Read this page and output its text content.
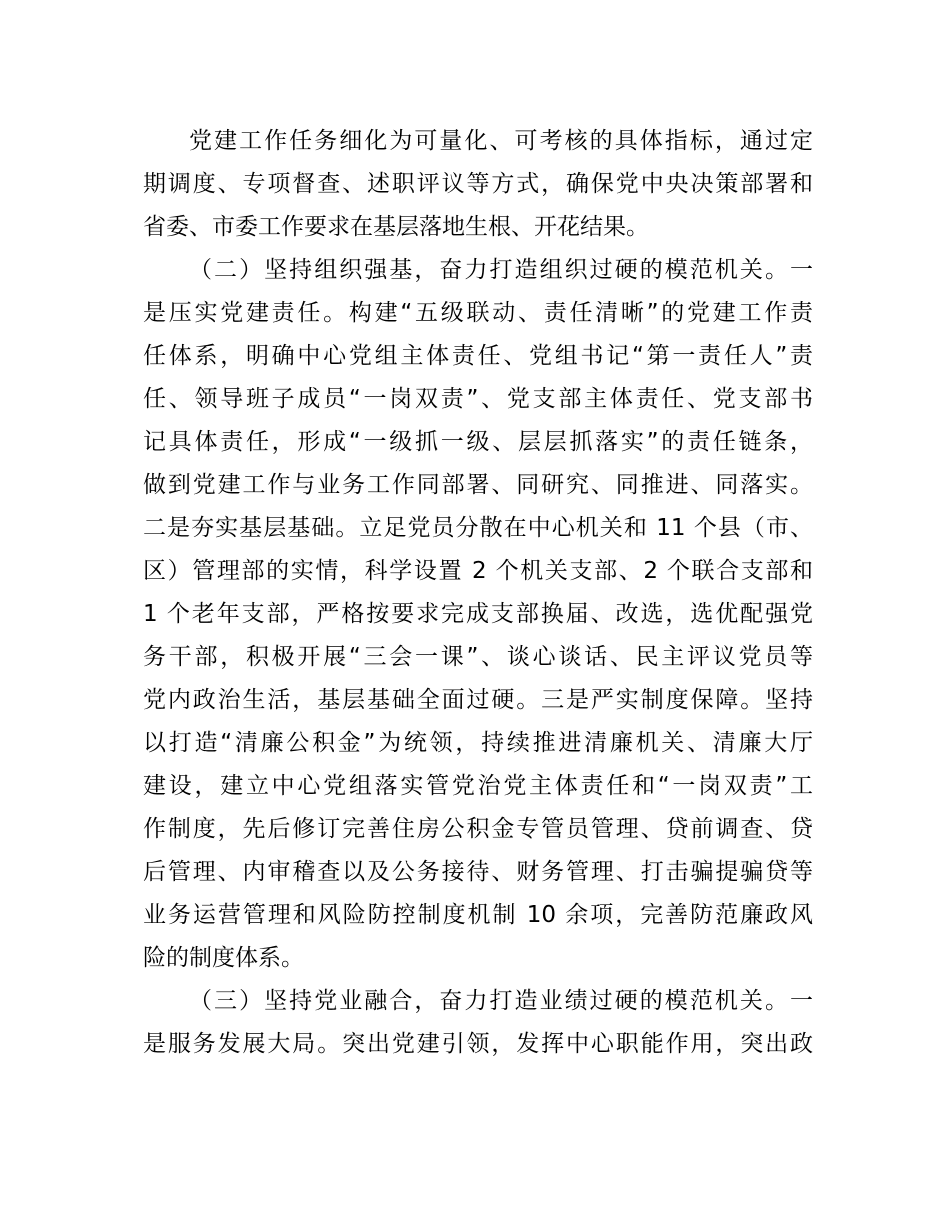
党建工作任务细化为可量化、可考核的具体指标，通过定
期调度、专项督查、述职评议等方式，确保党中央决策部署和
省委、市委工作要求在基层落地生根、开花结果。
（二）坚持组织强基，奋力打造组织过硬的模范机关。一
是压实党建责任。构建“五级联动、责任清晰”的党建工作责
任体系，明确中心党组主体责任、党组书记“第一责任人”责
任、领导班子成员“一岗双责”、党支部主体责任、党支部书
记具体责任，形成“一级抓一级、层层抓落实”的责任链条，
做到党建工作与业务工作同部署、同研究、同推进、同落实。
二是夯实基层基础。立足党员分散在中心机关和 11 个县（市、
区）管理部的实情，科学设置 2 个机关支部、2 个联合支部和
1 个老年支部，严格按要求完成支部换届、改选，选优配强党
务干部，积极开展“三会一课”、谈心谈话、民主评议党员等
党内政治生活，基层基础全面过硬。三是严实制度保障。坚持
以打造“清廉公积金”为统领，持续推进清廉机关、清廉大厅
建设，建立中心党组落实管党治党主体责任和“一岗双责”工
作制度，先后修订完善住房公积金专管员管理、贷前调查、贷
后管理、内审稽查以及公务接待、财务管理、打击骗提骗贷等
业务运营管理和风险防控制度机制 10 余项，完善防范廉政风
险的制度体系。
（三）坚持党业融合，奋力打造业绩过硬的模范机关。一
是服务发展大局。突出党建引领，发挥中心职能作用，突出政
